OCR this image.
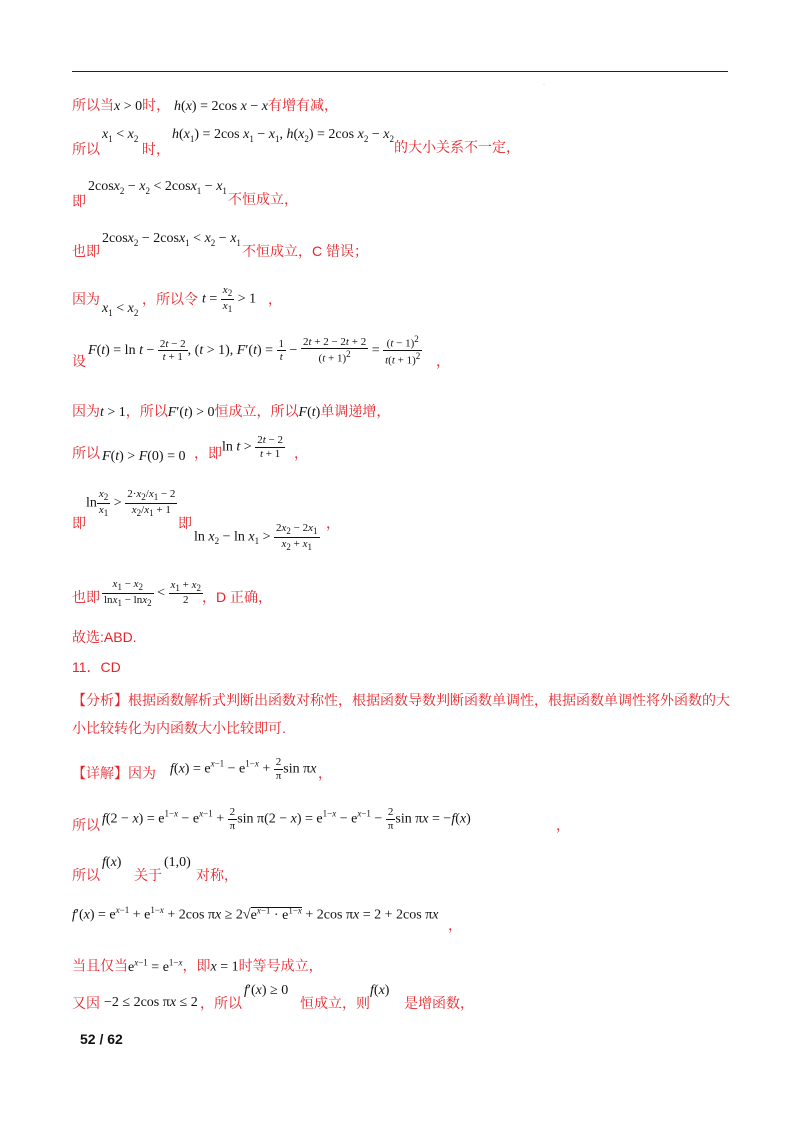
·
所以当x > 0时， h(x) = 2cos x − x有增有减，
所以
$x_1 < x_2$
时，
$h(x_1) = 2\cos$ $x_1 - x_1$, $h(x_2) = 2\cos$ $x_2 - x_2$
的大小关系不一定，
即
$2\cos x_2 - x_2 < 2\cos x_1 - x_1$
不恒成立，
也即
$2\cos x_2 - 2\cos x_1 < x_2 - x_1$
不恒成立，C 错误；
因为
$x_1 < x_2$
，所以令 $t = \frac{x_2}{x_1} > 1$ ，
设
$F(t) = \ln t - \frac{2t - 2}{t + 1}$ , (t > 1), $F'(t) = \frac{1}{t} - \frac{2t + 2 - 2t + 2}{(t + 1)^2} = \frac{(t - 1)^2}{t(t + 1)^2}$ ，
因为t > 1，所以F′(t) > 0恒成立，所以F(t)单调递增，
所以 F(t) > F(0) = 0 ，即 $\ln t > \frac{2t - 2}{t + 1}$ ，
即
$\ln \frac{x_2}{x_1} > \frac{2\cdot x_2/x_1 - 2}{x_2/x_1 + 1}$
即
$\ln x_2 - \ln x_1 > \frac{2x_2 - 2x_1}{x_2 + x_1}$ ，
也即 $\frac{x_1 - x_2}{\ln x_1 - \ln x_2} < \frac{x_1 + x_2}{2}$
，D 正确，
故选:ABD.
11．CD
【分析】根据函数解析式判断出函数对称性，根据函数导数判断函数单调性，根据函数单调性将外函数的大小比较转化为内函数大小比较即可.
【详解】因为 $f(x) = e^{x-1} - e^{1-x} + \frac{2}{\pi}$ sin πx ，
所以 $f(2 - x) = e^{1-x} - e^{x-1} + \frac{2}{\pi}$ $\sin \pi(2 - x) = e^{1-x} - e^{x-1} - \frac{2}{\pi}$ sin πx = −f(x)	，
所以
f(x)
关于
(1,0)
对称，
$f'(x) = e^{x-1} + e^{1-x} + 2\cos$ $\pi x \ge 2√e^{x-1} \cdot e^{1-x} + 2\cos$ πx = 2 + 2cos πx
，
当且仅当$e^{x-1} = e^{1-x}$，即x = 1时等号成立，
又因 −2 ≤ 2cos πx ≤ 2 ，所以
f′(x) ≥ 0
恒成立，则
f(x)
是增函数，
52 / 62
